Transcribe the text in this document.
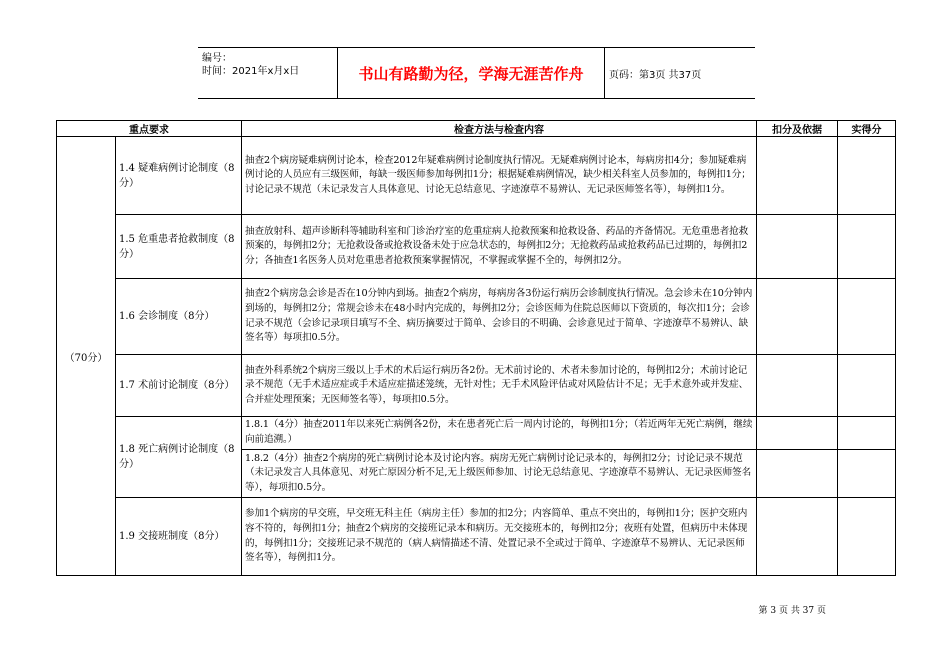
编号：
时间：2021年x月x日	书山有路勤为径，学海无涯苦作舟	页码：第3页 共37页
重点要求		检查方法与检查内容	扣分及依据	实得分
（70分）	1.4 疑难病例讨论制度（8分）	抽查2个病房疑难病例讨论本，检查2012年疑难病例讨论制度执行情况。无疑难病例讨论本，每病房扣4分；参加疑难病例讨论的人员应有三级医师，每缺一级医师参加每例扣1分；根据疑难病例情况，缺少相关科室人员参加的，每例扣1分；讨论记录不规范（未记录发言人具体意见、讨论无总结意见、字迹潦草不易辨认、无记录医师签名等），每例扣1分。		
	1.5 危重患者抢救制度（8分）	抽查放射科、超声诊断科等辅助科室和门诊治疗室的危重症病人抢救预案和抢救设备、药品的齐备情况。无危重患者抢救预案的，每例扣2分；无抢救设备或抢救设备未处于应急状态的，每例扣2分；无抢救药品或抢救药品已过期的，每例扣2分；各抽查1名医务人员对危重患者抢救预案掌握情况，不掌握或掌握不全的，每例扣2分。		
	1.6 会诊制度（8分）	抽查2个病房急会诊是否在10分钟内到场。抽查2个病房，每病房各3份运行病历会诊制度执行情况。急会诊未在10分钟内到场的，每例扣2分；常规会诊未在48小时内完成的，每例扣2分；会诊医师为住院总医师以下资质的，每次扣1分；会诊记录不规范（会诊记录项目填写不全、病历摘要过于简单、会诊目的不明确、会诊意见过于简单、字迹潦草不易辨认、缺签名等）每项扣0.5分。		
	1.7 术前讨论制度（8分）	抽查外科系统2个病房三级以上手术的术后运行病历各2份。无术前讨论的、术者未参加讨论的，每例扣2分；术前讨论记录不规范（无手术适应症或手术适应症描述笼统，无针对性；无手术风险评估或对风险估计不足；无手术意外或并发症、合并症处理预案；无医师签名等），每项扣0.5分。		
	1.8 死亡病例讨论制度（8分）	1.8.1（4分）抽查2011年以来死亡病例各2份，未在患者死亡后一周内讨论的，每例扣1分；（若近两年无死亡病例，继续向前追溯。）		
		1.8.2（4分）抽查2个病房的死亡病例讨论本及讨论内容。病房无死亡病例讨论记录本的，每例扣2分；讨论记录不规范（未记录发言人具体意见、对死亡原因分析不足,无上级医师参加、讨论无总结意见、字迹潦草不易辨认、无记录医师签名等），每项扣0.5分。		
	1.9 交接班制度（8分）	参加1个病房的早交班，早交班无科主任（病房主任）参加的扣2分；内容简单、重点不突出的，每例扣1分；医护交班内容不符的，每例扣1分；抽查2个病房的交接班记录本和病历。无交接班本的，每例扣2分；夜班有处置，但病历中未体现的，每例扣1分；交接班记录不规范的（病人病情描述不清、处置记录不全或过于简单、字迹潦草不易辨认、无记录医师签名等），每例扣1分。		
第 3 页 共 37 页
